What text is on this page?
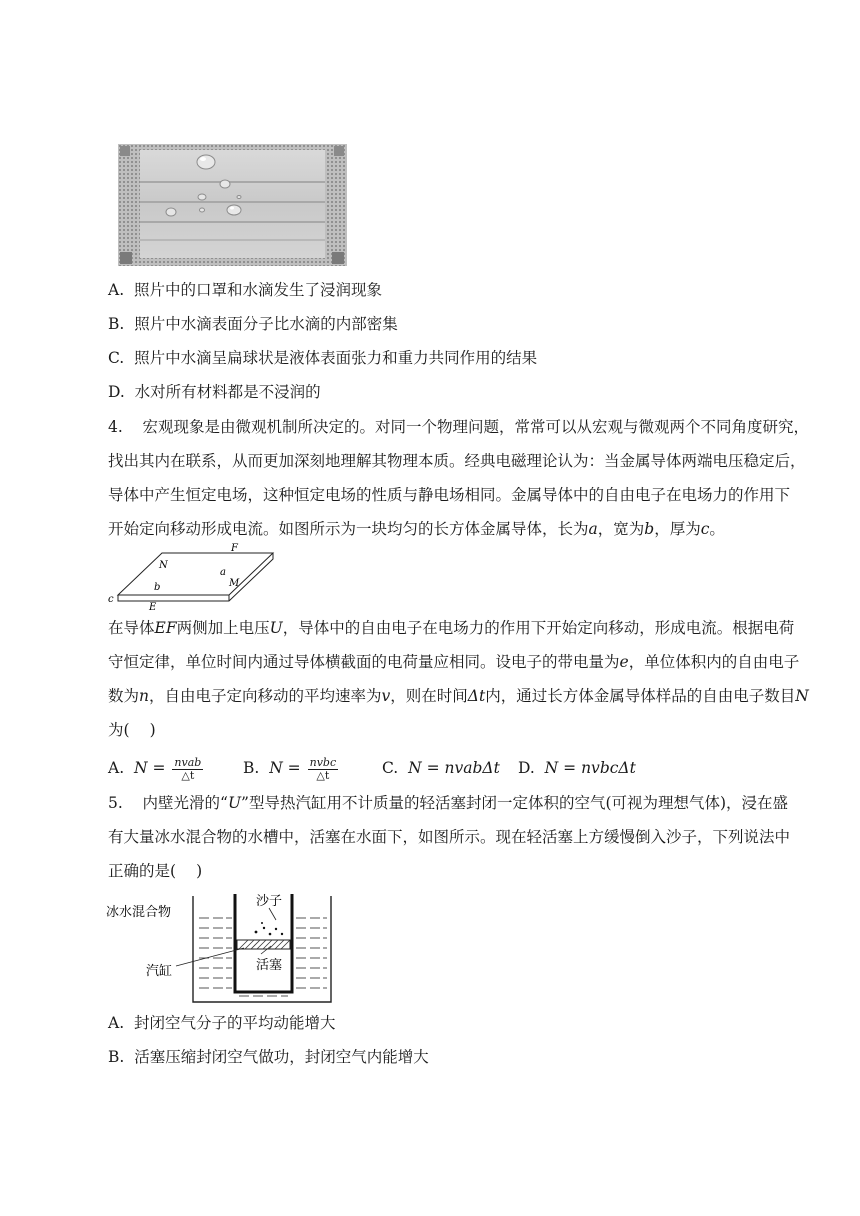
A. 照片中的口罩和水滴发生了浸润现象
B. 照片中水滴表面分子比水滴的内部密集
C. 照片中水滴呈扁球状是液体表面张力和重力共同作用的结果
D. 水对所有材料都是不浸润的
4. 宏观现象是由微观机制所决定的。对同一个物理问题，常常可以从宏观与微观两个不同角度研究，
找出其内在联系，从而更加深刻地理解其物理本质。经典电磁理论认为：当金属导体两端电压稳定后，
导体中产生恒定电场，这种恒定电场的性质与静电场相同。金属导体中的自由电子在电场力的作用下
开始定向移动形成电流。如图所示为一块均匀的长方体金属导体，长为a，宽为b，厚为c。
F
N
a
b	M
c
E
在导体EF两侧加上电压U，导体中的自由电子在电场力的作用下开始定向移动，形成电流。根据电荷
守恒定律，单位时间内通过导体横截面的电荷量应相同。设电子的带电量为e，单位体积内的自由电子
数为n，自由电子定向移动的平均速率为v，则在时间Δt内，通过长方体金属导体样品的自由电子数目N
为( )
A. $N = \frac{\text{nvab}}{\triangle t}$	B. $N = \frac{\text{nvbc}}{\triangle t}$	C. N = nvabΔt D. N = nvbcΔt
5. 内壁光滑的“U”型导热汽缸用不计质量的轻活塞封闭一定体积的空气(可视为理想气体)，浸在盛
有大量冰水混合物的水槽中，活塞在水面下，如图所示。现在轻活塞上方缓慢倒入沙子，下列说法中
正确的是( )
沙子
冰水混合物
汽缸	活塞
A. 封闭空气分子的平均动能增大
B. 活塞压缩封闭空气做功，封闭空气内能增大
